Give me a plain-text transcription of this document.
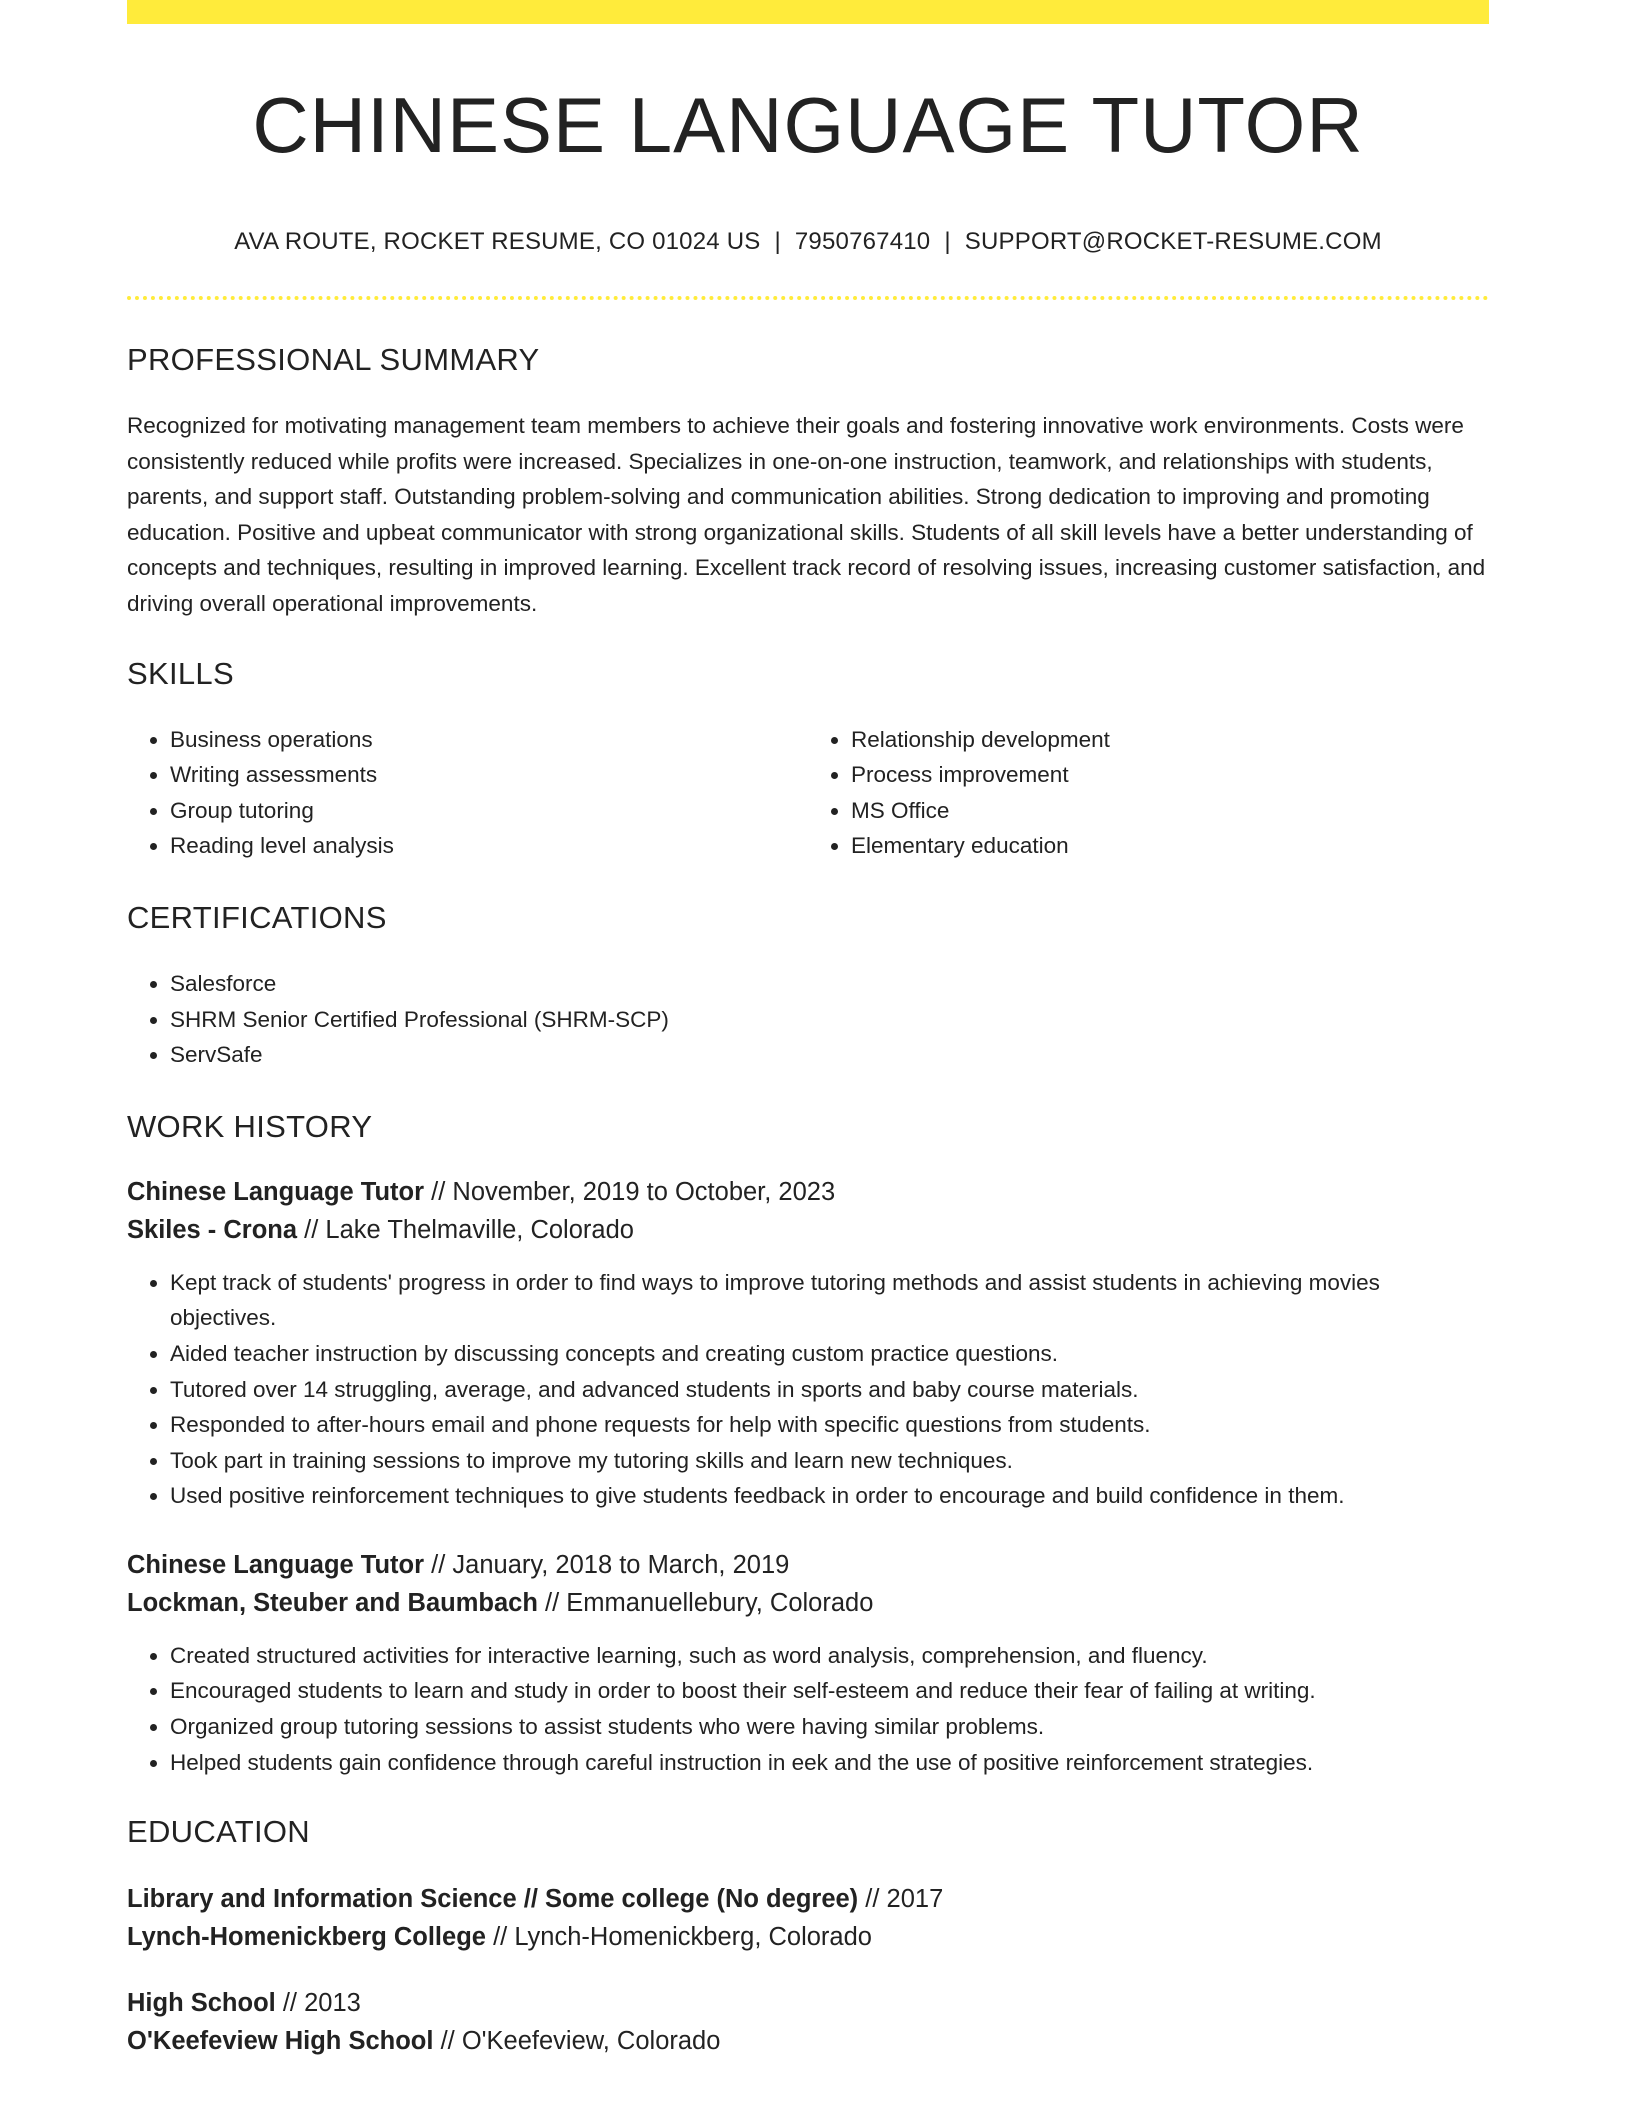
CHINESE LANGUAGE TUTOR
AVA ROUTE, ROCKET RESUME, CO 01024 US | 7950767410 | SUPPORT@ROCKET-RESUME.COM
PROFESSIONAL SUMMARY

Recognized for motivating management team members to achieve their goals and fostering innovative work environments. Costs were consistently reduced while profits were increased. Specializes in one-on-one instruction, teamwork, and relationships with students, parents, and support staff. Outstanding problem-solving and communication abilities. Strong dedication to improving and promoting education. Positive and upbeat communicator with strong organizational skills. Students of all skill levels have a better understanding of concepts and techniques, resulting in improved learning. Excellent track record of resolving issues, increasing customer satisfaction, and driving overall operational improvements.

SKILLS
• Business operations
• Writing assessments
• Group tutoring
• Reading level analysis
• Relationship development
• Process improvement
• MS Office
• Elementary education
CERTIFICATIONS
• Salesforce
• SHRM Senior Certified Professional (SHRM-SCP)
• ServSafe
WORK HISTORY
Chinese Language Tutor // November, 2019 to October, 2023
Skiles - Crona // Lake Thelmaville, Colorado
• Kept track of students' progress in order to find ways to improve tutoring methods and assist students in achieving movies objectives.
• Aided teacher instruction by discussing concepts and creating custom practice questions.
• Tutored over 14 struggling, average, and advanced students in sports and baby course materials.
• Responded to after-hours email and phone requests for help with specific questions from students.
• Took part in training sessions to improve my tutoring skills and learn new techniques.
• Used positive reinforcement techniques to give students feedback in order to encourage and build confidence in them.
Chinese Language Tutor // January, 2018 to March, 2019
Lockman, Steuber and Baumbach // Emmanuellebury, Colorado
• Created structured activities for interactive learning, such as word analysis, comprehension, and fluency.
• Encouraged students to learn and study in order to boost their self-esteem and reduce their fear of failing at writing.
• Organized group tutoring sessions to assist students who were having similar problems.
• Helped students gain confidence through careful instruction in eek and the use of positive reinforcement strategies.
EDUCATION
Library and Information Science // Some college (No degree) // 2017
Lynch-Homenickberg College // Lynch-Homenickberg, Colorado
High School // 2013
O'Keefeview High School // O'Keefeview, Colorado
